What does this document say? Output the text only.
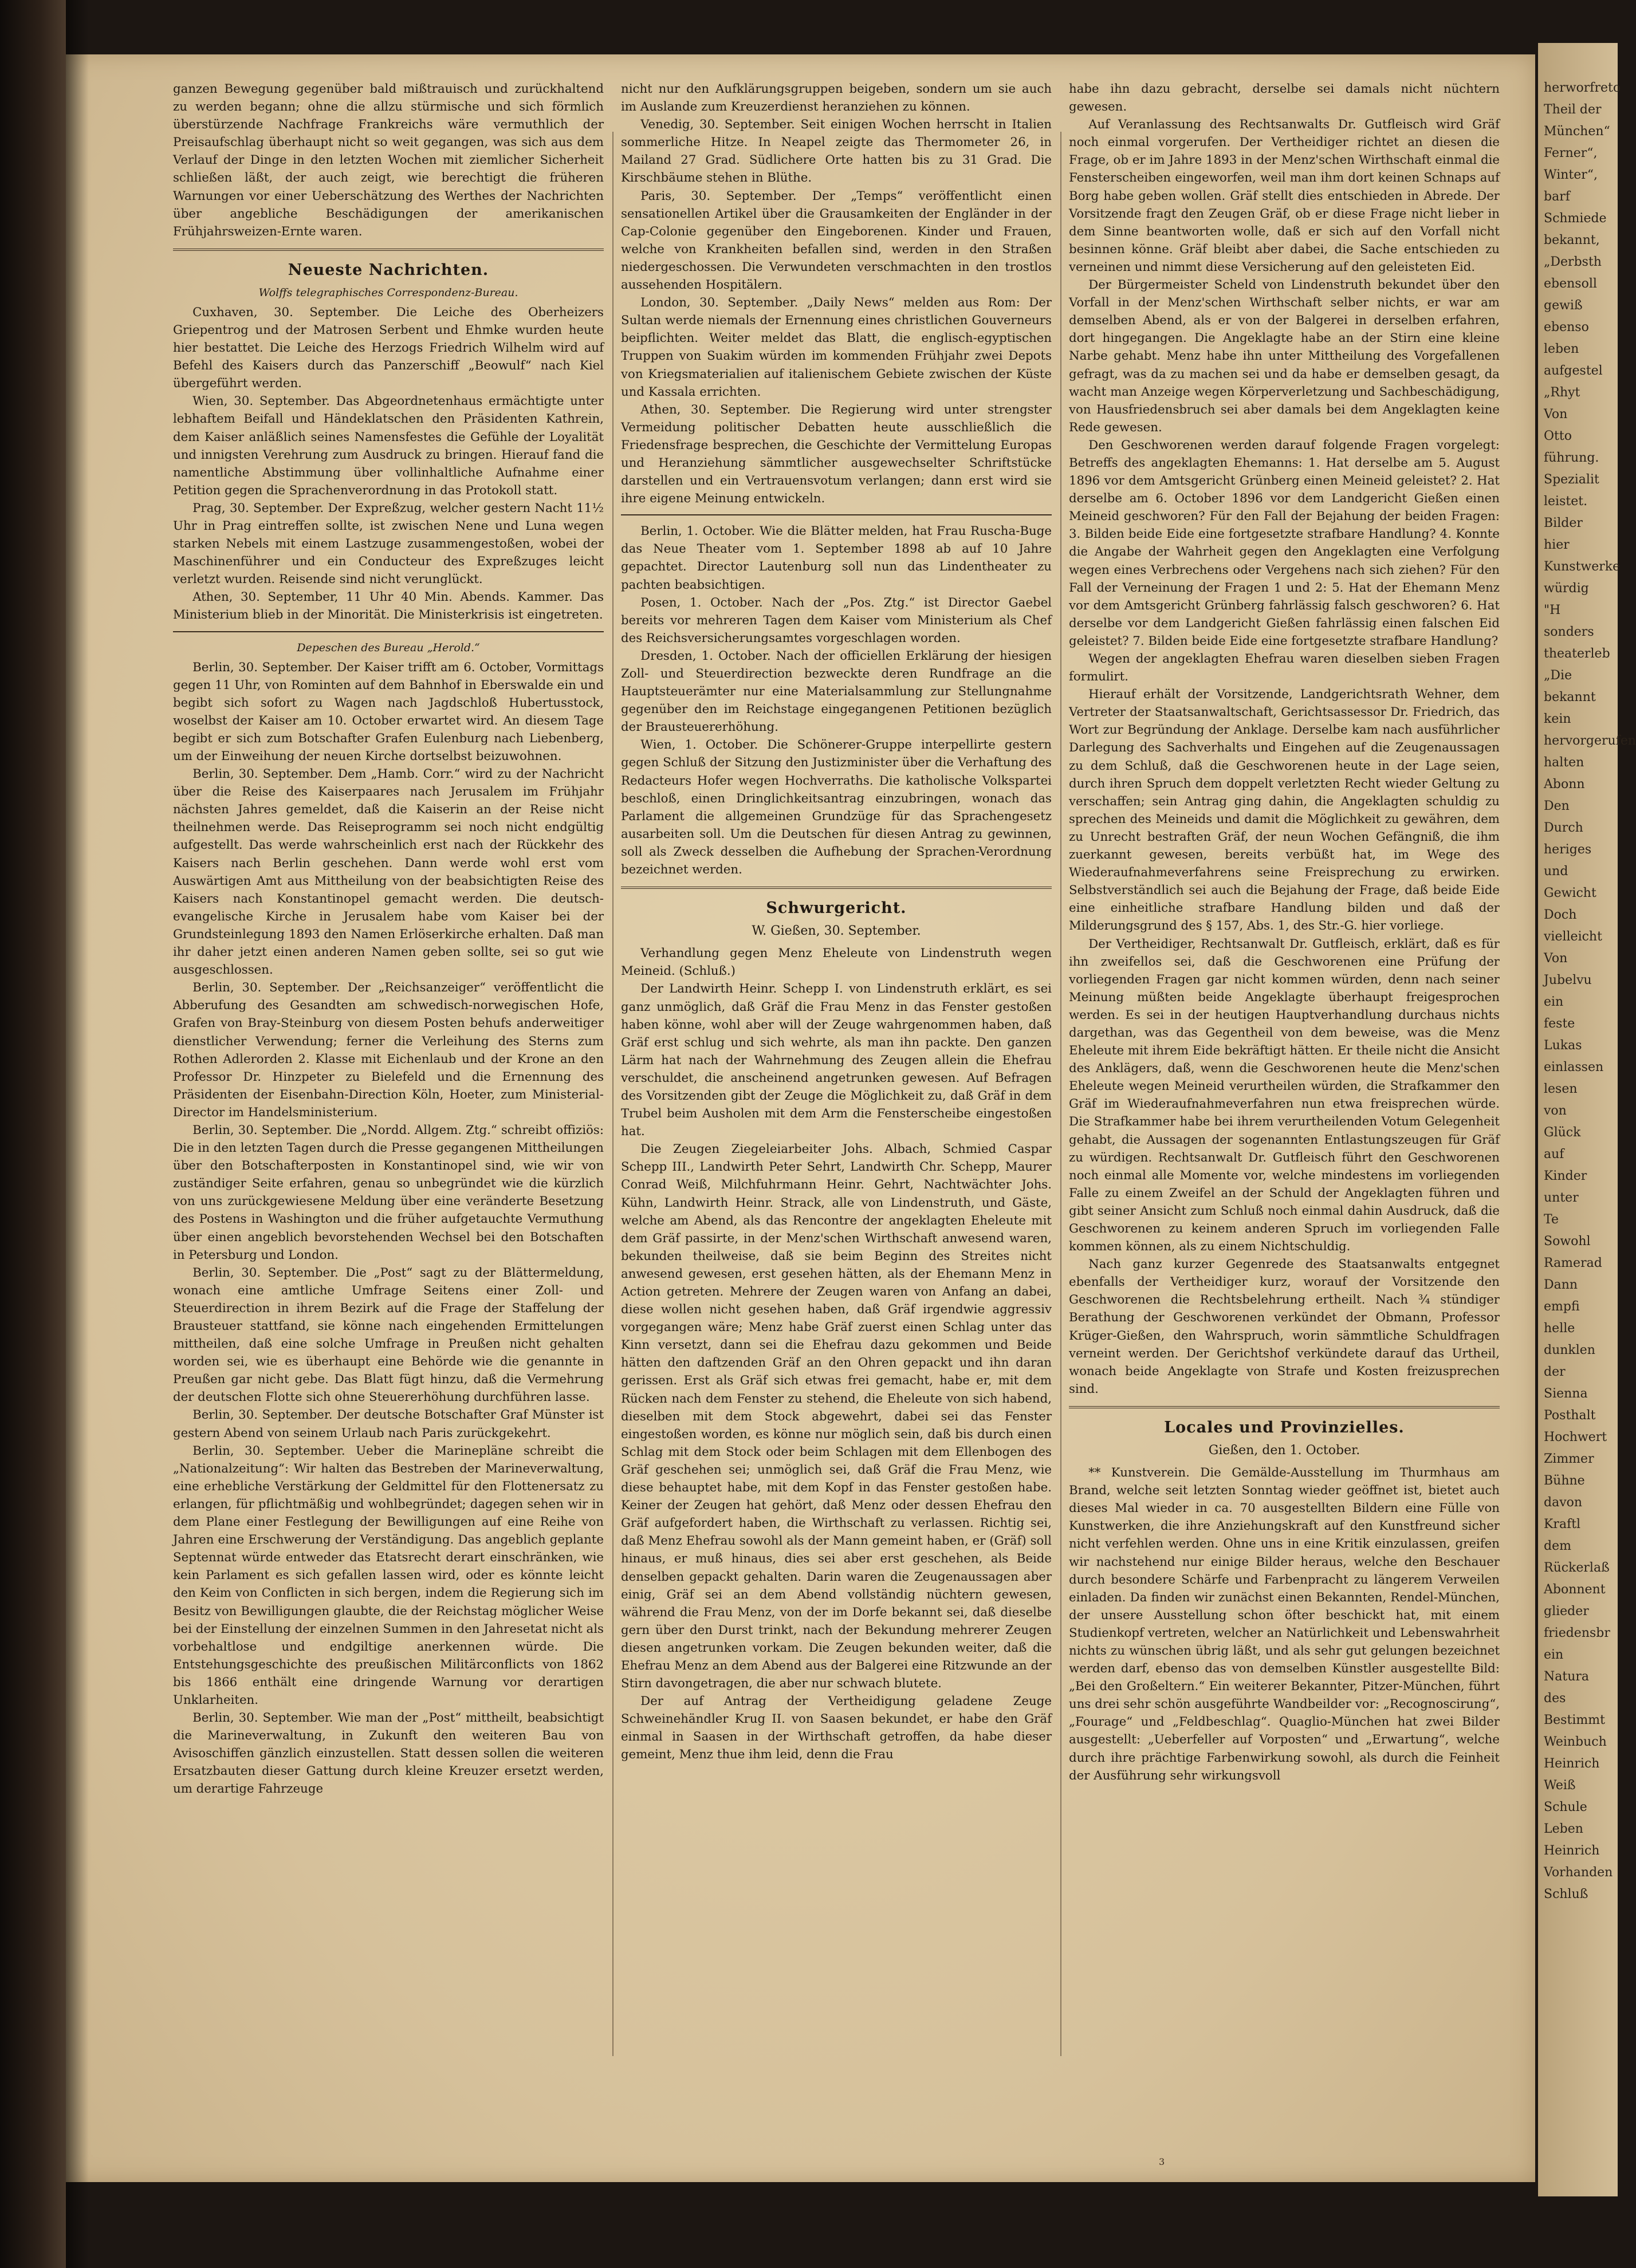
ganzen Bewegung gegenüber bald mißtrauisch und zurückhaltend zu werden begann; ohne die allzu stürmische und sich förmlich überstürzende Nachfrage Frankreichs wäre vermuthlich der Preisaufschlag überhaupt nicht so weit gegangen, was sich aus dem Verlauf der Dinge in den letzten Wochen mit ziemlicher Sicherheit schließen läßt, der auch zeigt, wie berechtigt die früheren Warnungen vor einer Ueberschätzung des Werthes der Nachrichten über angebliche Beschädigungen der amerikanischen Frühjahrsweizen-Ernte waren.

Neueste Nachrichten.
Wolffs telegraphisches Correspondenz-Bureau.

Cuxhaven, 30. September. Die Leiche des Oberheizers Griepentrog und der Matrosen Serbent und Ehmke wurden heute hier bestattet. Die Leiche des Herzogs Friedrich Wilhelm wird auf Befehl des Kaisers durch das Panzerschiff „Beowulf“ nach Kiel übergeführt werden.

Wien, 30. September. Das Abgeordnetenhaus ermächtigte unter lebhaftem Beifall und Händeklatschen den Präsidenten Kathrein, dem Kaiser anläßlich seines Namensfestes die Gefühle der Loyalität und innigsten Verehrung zum Ausdruck zu bringen. Hierauf fand die namentliche Abstimmung über vollinhaltliche Aufnahme einer Petition gegen die Sprachenverordnung in das Protokoll statt.

Prag, 30. September. Der Expreßzug, welcher gestern Nacht 11½ Uhr in Prag eintreffen sollte, ist zwischen Nene und Luna wegen starken Nebels mit einem Lastzuge zusammengestoßen, wobei der Maschinenführer und ein Conducteur des Expreßzuges leicht verletzt wurden. Reisende sind nicht verunglückt.

Athen, 30. September, 11 Uhr 40 Min. Abends. Kammer. Das Ministerium blieb in der Minorität. Die Ministerkrisis ist eingetreten.

Depeschen des Bureau „Herold.“

Berlin, 30. September. Der Kaiser trifft am 6. October, Vormittags gegen 11 Uhr, von Rominten auf dem Bahnhof in Eberswalde ein und begibt sich sofort zu Wagen nach Jagdschloß Hubertusstock, woselbst der Kaiser am 10. October erwartet wird. An diesem Tage begibt er sich zum Botschafter Grafen Eulenburg nach Liebenberg, um der Einweihung der neuen Kirche dortselbst beizuwohnen.

Berlin, 30. September. Dem „Hamb. Corr.“ wird zu der Nachricht über die Reise des Kaiserpaares nach Jerusalem im Frühjahr nächsten Jahres gemeldet, daß die Kaiserin an der Reise nicht theilnehmen werde. Das Reiseprogramm sei noch nicht endgültig aufgestellt. Das werde wahrscheinlich erst nach der Rückkehr des Kaisers nach Berlin geschehen. Dann werde wohl erst vom Auswärtigen Amt aus Mittheilung von der beabsichtigten Reise des Kaisers nach Konstantinopel gemacht werden. Die deutsch-evangelische Kirche in Jerusalem habe vom Kaiser bei der Grundsteinlegung 1893 den Namen Erlöserkirche erhalten. Daß man ihr daher jetzt einen anderen Namen geben sollte, sei so gut wie ausgeschlossen.

Berlin, 30. September. Der „Reichsanzeiger“ veröffentlicht die Abberufung des Gesandten am schwedisch-norwegischen Hofe, Grafen von Bray-Steinburg von diesem Posten behufs anderweitiger dienstlicher Verwendung; ferner die Verleihung des Sterns zum Rothen Adlerorden 2. Klasse mit Eichenlaub und der Krone an den Professor Dr. Hinzpeter zu Bielefeld und die Ernennung des Präsidenten der Eisenbahn-Direction Köln, Hoeter, zum Ministerial-Director im Handelsministerium.

Berlin, 30. September. Die „Nordd. Allgem. Ztg.“ schreibt offiziös: Die in den letzten Tagen durch die Presse gegangenen Mittheilungen über den Botschafterposten in Konstantinopel sind, wie wir von zuständiger Seite erfahren, genau so unbegründet wie die kürzlich von uns zurückgewiesene Meldung über eine veränderte Besetzung des Postens in Washington und die früher aufgetauchte Vermuthung über einen angeblich bevorstehenden Wechsel bei den Botschaften in Petersburg und London.

Berlin, 30. September. Die „Post“ sagt zu der Blättermeldung, wonach eine amtliche Umfrage Seitens einer Zoll- und Steuerdirection in ihrem Bezirk auf die Frage der Staffelung der Brausteuer stattfand, sie könne nach eingehenden Ermittelungen mittheilen, daß eine solche Umfrage in Preußen nicht gehalten worden sei, wie es überhaupt eine Behörde wie die genannte in Preußen gar nicht gebe. Das Blatt fügt hinzu, daß die Vermehrung der deutschen Flotte sich ohne Steuererhöhung durchführen lasse.

Berlin, 30. September. Der deutsche Botschafter Graf Münster ist gestern Abend von seinem Urlaub nach Paris zurückgekehrt.

Berlin, 30. September. Ueber die Marinepläne schreibt die „Nationalzeitung“: Wir halten das Bestreben der Marineverwaltung, eine erhebliche Verstärkung der Geldmittel für den Flottenersatz zu erlangen, für pflichtmäßig und wohlbegründet; dagegen sehen wir in dem Plane einer Festlegung der Bewilligungen auf eine Reihe von Jahren eine Erschwerung der Verständigung. Das angeblich geplante Septennat würde entweder das Etatsrecht derart einschränken, wie kein Parlament es sich gefallen lassen wird, oder es könnte leicht den Keim von Conflicten in sich bergen, indem die Regierung sich im Besitz von Bewilligungen glaubte, die der Reichstag möglicher Weise bei der Einstellung der einzelnen Summen in den Jahresetat nicht als vorbehaltlose und endgiltige anerkennen würde. Die Entstehungsgeschichte des preußischen Militärconflicts von 1862 bis 1866 enthält eine dringende Warnung vor derartigen Unklarheiten.

Berlin, 30. September. Wie man der „Post“ mittheilt, beabsichtigt die Marineverwaltung, in Zukunft den weiteren Bau von Avisoschiffen gänzlich einzustellen. Statt dessen sollen die weiteren Ersatzbauten dieser Gattung durch kleine Kreuzer ersetzt werden, um derartige Fahrzeuge

nicht nur den Aufklärungsgruppen beigeben, sondern um sie auch im Auslande zum Kreuzerdienst heranziehen zu können.

Venedig, 30. September. Seit einigen Wochen herrscht in Italien sommerliche Hitze. In Neapel zeigte das Thermometer 26, in Mailand 27 Grad. Südlichere Orte hatten bis zu 31 Grad. Die Kirschbäume stehen in Blüthe.

Paris, 30. September. Der „Temps“ veröffentlicht einen sensationellen Artikel über die Grausamkeiten der Engländer in der Cap-Colonie gegenüber den Eingeborenen. Kinder und Frauen, welche von Krankheiten befallen sind, werden in den Straßen niedergeschossen. Die Verwundeten verschmachten in den trostlos aussehenden Hospitälern.

London, 30. September. „Daily News“ melden aus Rom: Der Sultan werde niemals der Ernennung eines christlichen Gouverneurs beipflichten. Weiter meldet das Blatt, die englisch-egyptischen Truppen von Suakim würden im kommenden Frühjahr zwei Depots von Kriegsmaterialien auf italienischem Gebiete zwischen der Küste und Kassala errichten.

Athen, 30. September. Die Regierung wird unter strengster Vermeidung politischer Debatten heute ausschließlich die Friedensfrage besprechen, die Geschichte der Vermittelung Europas und Heranziehung sämmtlicher ausgewechselter Schriftstücke darstellen und ein Vertrauensvotum verlangen; dann erst wird sie ihre eigene Meinung entwickeln.

Berlin, 1. October. Wie die Blätter melden, hat Frau Ruscha-Buge das Neue Theater vom 1. September 1898 ab auf 10 Jahre gepachtet. Director Lautenburg soll nun das Lindentheater zu pachten beabsichtigen.

Posen, 1. October. Nach der „Pos. Ztg.“ ist Director Gaebel bereits vor mehreren Tagen dem Kaiser vom Ministerium als Chef des Reichsversicherungsamtes vorgeschlagen worden.

Dresden, 1. October. Nach der officiellen Erklärung der hiesigen Zoll- und Steuerdirection bezweckte deren Rundfrage an die Hauptsteuerämter nur eine Materialsammlung zur Stellungnahme gegenüber den im Reichstage eingegangenen Petitionen bezüglich der Brausteuererhöhung.

Wien, 1. October. Die Schönerer-Gruppe interpellirte gestern gegen Schluß der Sitzung den Justizminister über die Verhaftung des Redacteurs Hofer wegen Hochverraths. Die katholische Volkspartei beschloß, einen Dringlichkeitsantrag einzubringen, wonach das Parlament die allgemeinen Grundzüge für das Sprachengesetz ausarbeiten soll. Um die Deutschen für diesen Antrag zu gewinnen, soll als Zweck desselben die Aufhebung der Sprachen-Verordnung bezeichnet werden.

Schwurgericht.
W. Gießen, 30. September.

Verhandlung gegen Menz Eheleute von Lindenstruth wegen Meineid. (Schluß.)

Der Landwirth Heinr. Schepp I. von Lindenstruth erklärt, es sei ganz unmöglich, daß Gräf die Frau Menz in das Fenster gestoßen haben könne, wohl aber will der Zeuge wahrgenommen haben, daß Gräf erst schlug und sich wehrte, als man ihn packte. Den ganzen Lärm hat nach der Wahrnehmung des Zeugen allein die Ehefrau verschuldet, die anscheinend angetrunken gewesen. Auf Befragen des Vorsitzenden gibt der Zeuge die Möglichkeit zu, daß Gräf in dem Trubel beim Ausholen mit dem Arm die Fensterscheibe eingestoßen hat.

Die Zeugen Ziegeleiarbeiter Johs. Albach, Schmied Caspar Schepp III., Landwirth Peter Sehrt, Landwirth Chr. Schepp, Maurer Conrad Weiß, Milchfuhrmann Heinr. Gehrt, Nachtwächter Johs. Kühn, Landwirth Heinr. Strack, alle von Lindenstruth, und Gäste, welche am Abend, als das Rencontre der angeklagten Eheleute mit dem Gräf passirte, in der Menz'schen Wirthschaft anwesend waren, bekunden theilweise, daß sie beim Beginn des Streites nicht anwesend gewesen, erst gesehen hätten, als der Ehemann Menz in Action getreten. Mehrere der Zeugen waren von Anfang an dabei, diese wollen nicht gesehen haben, daß Gräf irgendwie aggressiv vorgegangen wäre; Menz habe Gräf zuerst einen Schlag unter das Kinn versetzt, dann sei die Ehefrau dazu gekommen und Beide hätten den daftzenden Gräf an den Ohren gepackt und ihn daran gerissen. Erst als Gräf sich etwas frei gemacht, habe er, mit dem Rücken nach dem Fenster zu stehend, die Eheleute von sich habend, dieselben mit dem Stock abgewehrt, dabei sei das Fenster eingestoßen worden, es könne nur möglich sein, daß bis durch einen Schlag mit dem Stock oder beim Schlagen mit dem Ellenbogen des Gräf geschehen sei; unmöglich sei, daß Gräf die Frau Menz, wie diese behauptet habe, mit dem Kopf in das Fenster gestoßen habe. Keiner der Zeugen hat gehört, daß Menz oder dessen Ehefrau den Gräf aufgefordert haben, die Wirthschaft zu verlassen. Richtig sei, daß Menz Ehefrau sowohl als der Mann gemeint haben, er (Gräf) soll hinaus, er muß hinaus, dies sei aber erst geschehen, als Beide denselben gepackt gehalten. Darin waren die Zeugenaussagen aber einig, Gräf sei an dem Abend vollständig nüchtern gewesen, während die Frau Menz, von der im Dorfe bekannt sei, daß dieselbe gern über den Durst trinkt, nach der Bekundung mehrerer Zeugen diesen angetrunken vorkam. Die Zeugen bekunden weiter, daß die Ehefrau Menz an dem Abend aus der Balgerei eine Ritzwunde an der Stirn davongetragen, die aber nur schwach blutete.

Der auf Antrag der Vertheidigung geladene Zeuge Schweinehändler Krug II. von Saasen bekundet, er habe den Gräf einmal in Saasen in der Wirthschaft getroffen, da habe dieser gemeint, Menz thue ihm leid, denn die Frau

habe ihn dazu gebracht, derselbe sei damals nicht nüchtern gewesen.

Auf Veranlassung des Rechtsanwalts Dr. Gutfleisch wird Gräf noch einmal vorgerufen. Der Vertheidiger richtet an diesen die Frage, ob er im Jahre 1893 in der Menz'schen Wirthschaft einmal die Fensterscheiben eingeworfen, weil man ihm dort keinen Schnaps auf Borg habe geben wollen. Gräf stellt dies entschieden in Abrede. Der Vorsitzende fragt den Zeugen Gräf, ob er diese Frage nicht lieber in dem Sinne beantworten wolle, daß er sich auf den Vorfall nicht besinnen könne. Gräf bleibt aber dabei, die Sache entschieden zu verneinen und nimmt diese Versicherung auf den geleisteten Eid.

Der Bürgermeister Scheld von Lindenstruth bekundet über den Vorfall in der Menz'schen Wirthschaft selber nichts, er war am demselben Abend, als er von der Balgerei in derselben erfahren, dort hingegangen. Die Angeklagte habe an der Stirn eine kleine Narbe gehabt. Menz habe ihn unter Mittheilung des Vorgefallenen gefragt, was da zu machen sei und da habe er demselben gesagt, da wacht man Anzeige wegen Körperverletzung und Sachbeschädigung, von Hausfriedensbruch sei aber damals bei dem Angeklagten keine Rede gewesen.

Den Geschworenen werden darauf folgende Fragen vorgelegt: Betreffs des angeklagten Ehemanns: 1. Hat derselbe am 5. August 1896 vor dem Amtsgericht Grünberg einen Meineid geleistet? 2. Hat derselbe am 6. October 1896 vor dem Landgericht Gießen einen Meineid geschworen? Für den Fall der Bejahung der beiden Fragen: 3. Bilden beide Eide eine fortgesetzte strafbare Handlung? 4. Konnte die Angabe der Wahrheit gegen den Angeklagten eine Verfolgung wegen eines Verbrechens oder Vergehens nach sich ziehen? Für den Fall der Verneinung der Fragen 1 und 2: 5. Hat der Ehemann Menz vor dem Amtsgericht Grünberg fahrlässig falsch geschworen? 6. Hat derselbe vor dem Landgericht Gießen fahrlässig einen falschen Eid geleistet? 7. Bilden beide Eide eine fortgesetzte strafbare Handlung?

Wegen der angeklagten Ehefrau waren dieselben sieben Fragen formulirt.

Hierauf erhält der Vorsitzende, Landgerichtsrath Wehner, dem Vertreter der Staatsanwaltschaft, Gerichtsassessor Dr. Friedrich, das Wort zur Begründung der Anklage. Derselbe kam nach ausführlicher Darlegung des Sachverhalts und Eingehen auf die Zeugenaussagen zu dem Schluß, daß die Geschworenen heute in der Lage seien, durch ihren Spruch dem doppelt verletzten Recht wieder Geltung zu verschaffen; sein Antrag ging dahin, die Angeklagten schuldig zu sprechen des Meineids und damit die Möglichkeit zu gewähren, dem zu Unrecht bestraften Gräf, der neun Wochen Gefängniß, die ihm zuerkannt gewesen, bereits verbüßt hat, im Wege des Wiederaufnahmeverfahrens seine Freisprechung zu erwirken. Selbstverständlich sei auch die Bejahung der Frage, daß beide Eide eine einheitliche strafbare Handlung bilden und daß der Milderungsgrund des § 157, Abs. 1, des Str.-G. hier vorliege.

Der Vertheidiger, Rechtsanwalt Dr. Gutfleisch, erklärt, daß es für ihn zweifellos sei, daß die Geschworenen eine Prüfung der vorliegenden Fragen gar nicht kommen würden, denn nach seiner Meinung müßten beide Angeklagte überhaupt freigesprochen werden. Es sei in der heutigen Hauptverhandlung durchaus nichts dargethan, was das Gegentheil von dem beweise, was die Menz Eheleute mit ihrem Eide bekräftigt hätten. Er theile nicht die Ansicht des Anklägers, daß, wenn die Geschworenen heute die Menz'schen Eheleute wegen Meineid verurtheilen würden, die Strafkammer den Gräf im Wiederaufnahmeverfahren nun etwa freisprechen würde. Die Strafkammer habe bei ihrem verurtheilenden Votum Gelegenheit gehabt, die Aussagen der sogenannten Entlastungszeugen für Gräf zu würdigen. Rechtsanwalt Dr. Gutfleisch führt den Geschworenen noch einmal alle Momente vor, welche mindestens im vorliegenden Falle zu einem Zweifel an der Schuld der Angeklagten führen und gibt seiner Ansicht zum Schluß noch einmal dahin Ausdruck, daß die Geschworenen zu keinem anderen Spruch im vorliegenden Falle kommen können, als zu einem Nichtschuldig.

Nach ganz kurzer Gegenrede des Staatsanwalts entgegnet ebenfalls der Vertheidiger kurz, worauf der Vorsitzende den Geschworenen die Rechtsbelehrung ertheilt. Nach ¾ stündiger Berathung der Geschworenen verkündet der Obmann, Professor Krüger-Gießen, den Wahrspruch, worin sämmtliche Schuldfragen verneint werden. Der Gerichtshof verkündete darauf das Urtheil, wonach beide Angeklagte von Strafe und Kosten freizusprechen sind.

Locales und Provinzielles.
Gießen, den 1. October.

** Kunstverein. Die Gemälde-Ausstellung im Thurmhaus am Brand, welche seit letzten Sonntag wieder geöffnet ist, bietet auch dieses Mal wieder in ca. 70 ausgestellten Bildern eine Fülle von Kunstwerken, die ihre Anziehungskraft auf den Kunstfreund sicher nicht verfehlen werden. Ohne uns in eine Kritik einzulassen, greifen wir nachstehend nur einige Bilder heraus, welche den Beschauer durch besondere Schärfe und Farbenpracht zu längerem Verweilen einladen. Da finden wir zunächst einen Bekannten, Rendel-München, der unsere Ausstellung schon öfter beschickt hat, mit einem Studienkopf vertreten, welcher an Natürlichkeit und Lebenswahrheit nichts zu wünschen übrig läßt, und als sehr gut gelungen bezeichnet werden darf, ebenso das von demselben Künstler ausgestellte Bild: „Bei den Großeltern.“ Ein weiterer Bekannter, Pitzer-München, führt uns drei sehr schön ausgeführte Wandbeilder vor: „Recognoscirung“, „Fourage“ und „Feldbeschlag“. Quaglio-München hat zwei Bilder ausgestellt: „Ueberfeller auf Vorposten“ und „Erwartung“, welche durch ihre prächtige Farbenwirkung sowohl, als durch die Feinheit der Ausführung sehr wirkungsvoll

herworfreto
Theil der
München“
Ferner“,
Winter“,
barf
Schmiede
bekannt,
„Derbsth
ebensoll
gewiß
ebenso
leben
aufgestel
„Rhyt
Von
Otto
führung.
Spezialit
leistet.
Bilder
hier
Kunstwerke
würdig
"H
sonders
theaterleb
„Die
bekannt
kein
hervorgerufen
halten
Abonn
Den
Durch
heriges
und
Gewicht
Doch
vielleicht
Von
Jubelvu
ein
feste
Lukas
einlassen
lesen
von
Glück
auf
Kinder
unter
Te
Sowohl
Ramerad
Dann
empfi
helle
dunklen
der
Sienna
Posthalt
Hochwert
Zimmer
Bühne
davon
Kraftl
dem
Rückerlaß
Abonnent
glieder
friedensbr
ein
Natura
des
Bestimmt
Weinbuch
Heinrich
Weiß
Schule
Leben
Heinrich
Vorhanden
Schluß
3
